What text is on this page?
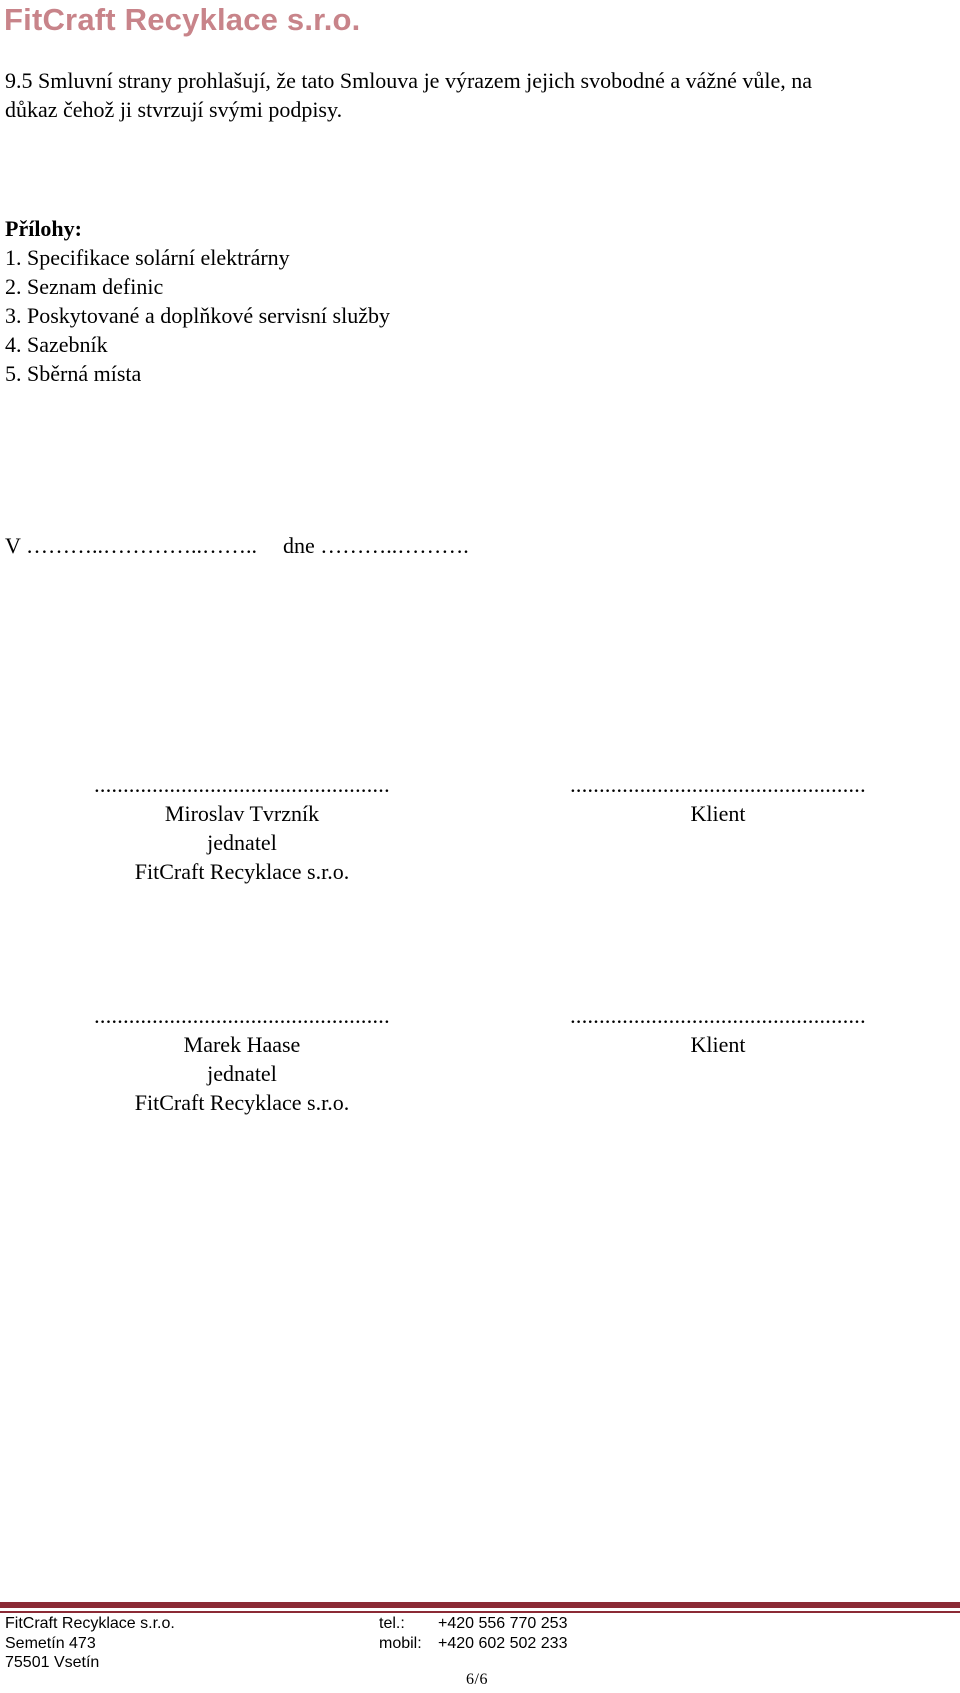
FitCraft Recyklace s.r.o.

9.5 Smluvní strany prohlašují, že tato Smlouva je výrazem jejich svobodné a vážné vůle, na

důkaz čehož ji stvrzují svými podpisy.

Přílohy:
1. Specifikace solární elektrárny
2. Seznam definic
3. Poskytované a doplňkové servisní služby
4. Sazebník
5. Sběrná místa
V ………..…………..…….. dne ………..……….
...................................................
Miroslav Tvrzník
jednatel
FitCraft Recyklace s.r.o.
...................................................
Klient
...................................................
Marek Haase
jednatel
FitCraft Recyklace s.r.o.
...................................................
Klient
FitCraft Recyklace s.r.o.
Semetín 473
75501 Vsetín
tel.:
mobil:
+420 556 770 253
+420 602 502 233
6/6
